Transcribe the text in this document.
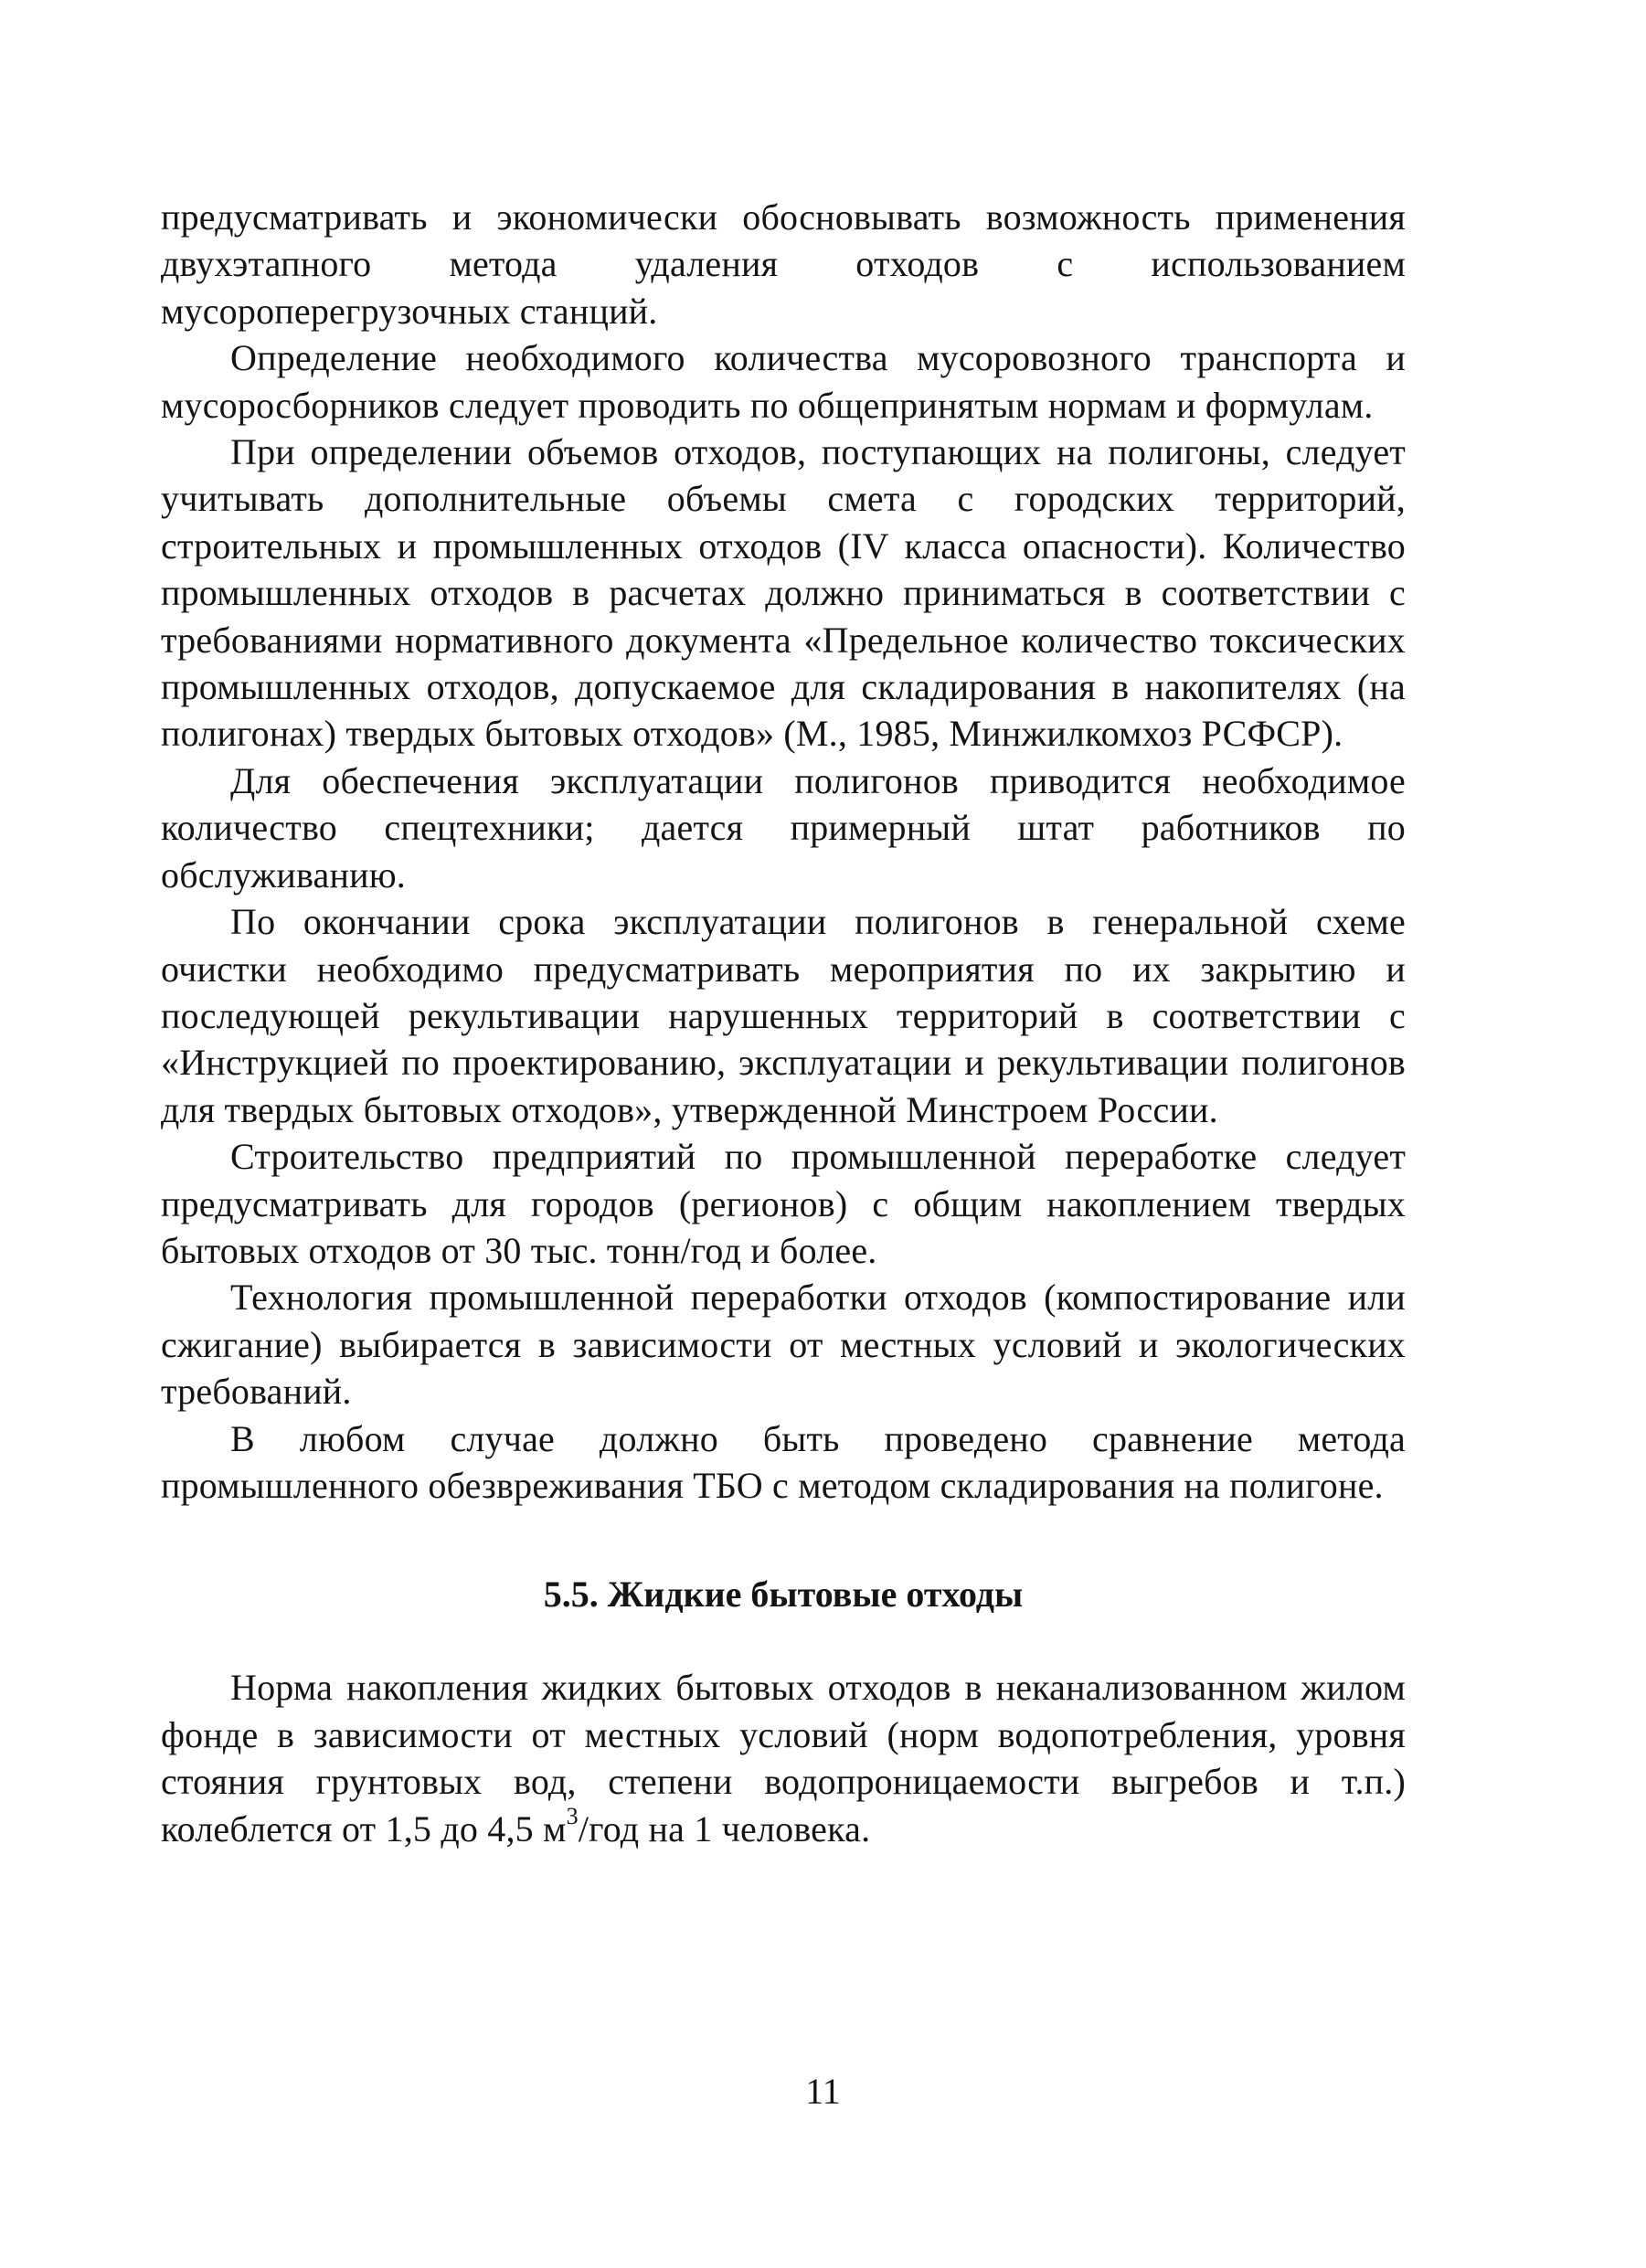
предусматривать и экономически обосновывать возможность применения двухэтапного метода удаления отходов с использованием мусороперегрузочных станций.

Определение необходимого количества мусоровозного транспорта и мусоросборников следует проводить по общепринятым нормам и формулам.

При определении объемов отходов, поступающих на полигоны, следует учитывать дополнительные объемы смета с городских территорий, строительных и промышленных отходов (IV класса опасности). Количество промышленных отходов в расчетах должно приниматься в соответствии с требованиями нормативного документа «Предельное количество токсических промышленных отходов, допускаемое для складирования в накопителях (на полигонах) твердых бытовых отходов» (М., 1985, Минжилкомхоз РСФСР).

Для обеспечения эксплуатации полигонов приводится необходимое количество спецтехники; дается примерный штат работников по обслуживанию.

По окончании срока эксплуатации полигонов в генеральной схеме очистки необходимо предусматривать мероприятия по их закрытию и последующей рекультивации нарушенных территорий в соответствии с «Инструкцией по проектированию, эксплуатации и рекультивации полигонов для твердых бытовых отходов», утвержденной Минстроем России.

Строительство предприятий по промышленной переработке следует предусматривать для городов (регионов) с общим накоплением твердых бытовых отходов от 30 тыс. тонн/год и более.

Технология промышленной переработки отходов (компостирование или сжигание) выбирается в зависимости от местных условий и экологических требований.

В любом случае должно быть проведено сравнение метода промышленного обезвреживания ТБО с методом складирования на полигоне.

5.5. Жидкие бытовые отходы

Норма накопления жидких бытовых отходов в неканализованном жилом фонде в зависимости от местных условий (норм водопотребления, уровня стояния грунтовых вод, степени водопроницаемости выгребов и т.п.) колеблется от 1,5 до 4,5 $м^3$/год на 1 человека.

11
